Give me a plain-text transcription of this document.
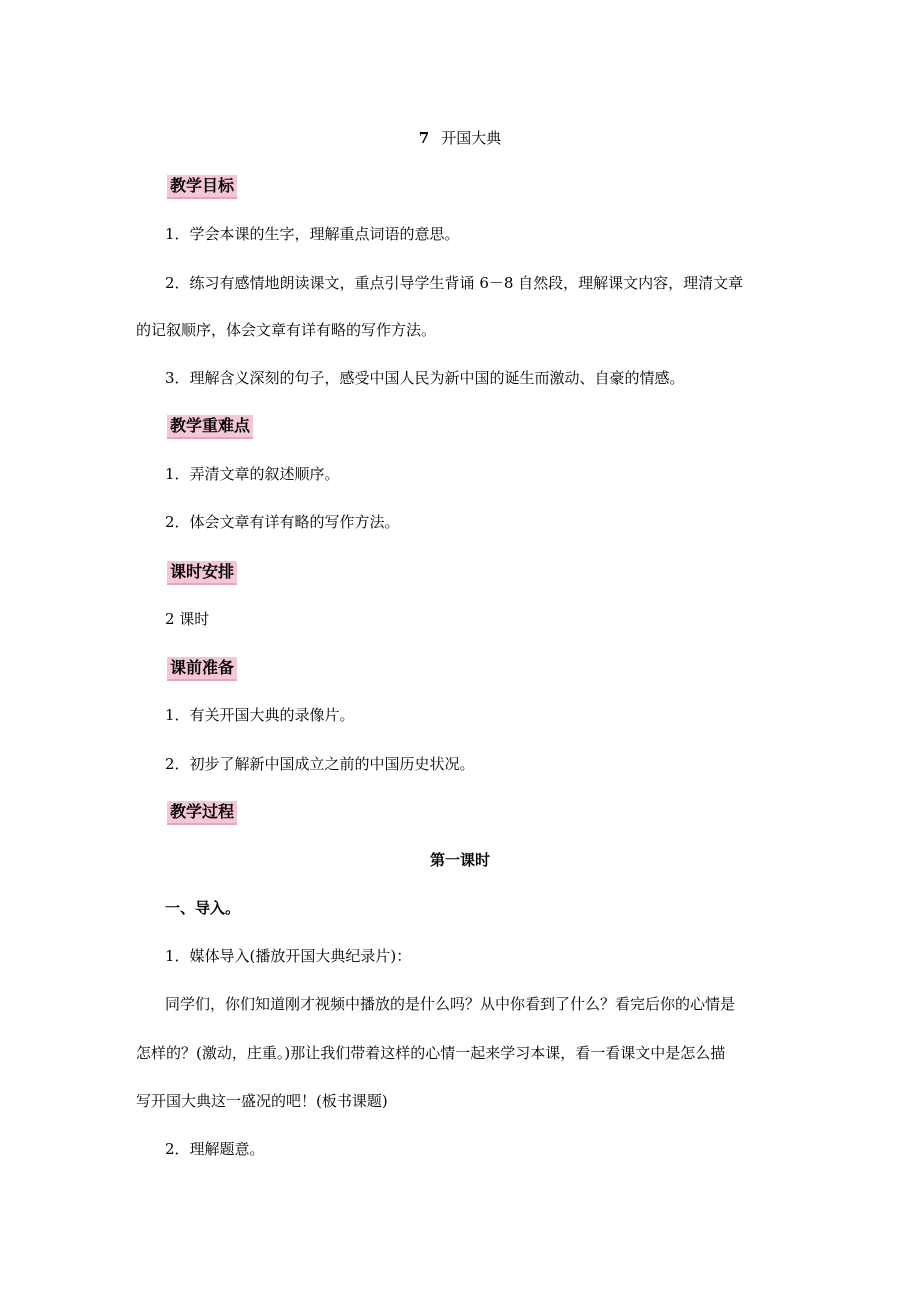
7 开国大典
教学目标
1．学会本课的生字，理解重点词语的意思。
2．练习有感情地朗读课文，重点引导学生背诵 6－8 自然段，理解课文内容，理清文章
的记叙顺序，体会文章有详有略的写作方法。
3．理解含义深刻的句子，感受中国人民为新中国的诞生而激动、自豪的情感。
教学重难点
1．弄清文章的叙述顺序。
2．体会文章有详有略的写作方法。
课时安排
2 课时
课前准备
1．有关开国大典的录像片。
2．初步了解新中国成立之前的中国历史状况。
教学过程
第一课时
一、导入。
1．媒体导入(播放开国大典纪录片)：
同学们，你们知道刚才视频中播放的是什么吗？从中你看到了什么？看完后你的心情是
怎样的？(激动，庄重。)那让我们带着这样的心情一起来学习本课，看一看课文中是怎么描
写开国大典这一盛况的吧！(板书课题)
2．理解题意。
